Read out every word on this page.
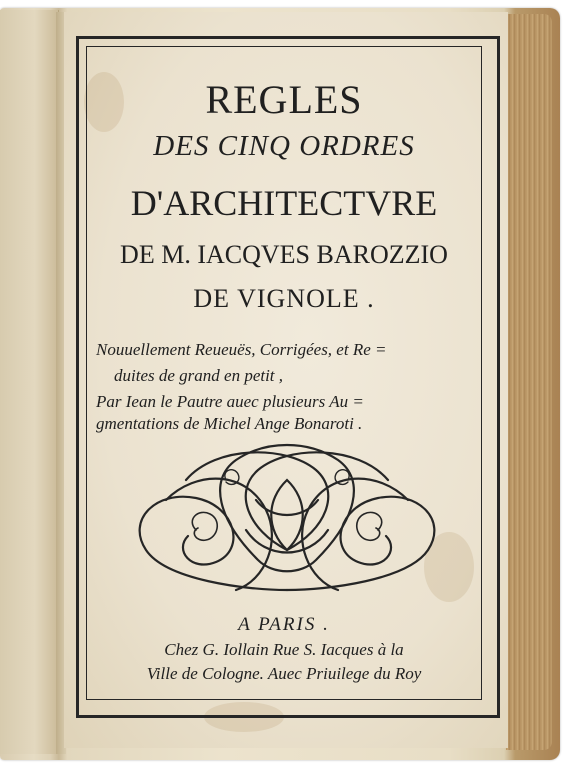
REGLES
DES CINQ ORDRES
D'ARCHITECTVRE
DE M. IACQVES BAROZZIO
DE VIGNOLE .
Nouuellement Reueuës, Corrigées, et Re =
duites de grand en petit ,
Par Iean le Pautre auec plusieurs Au =
gmentations de Michel Ange Bonaroti .
A PARIS .
Chez G. Iollain Rue S. Iacques à la
Ville de Cologne. Auec Priuilege du Roy
